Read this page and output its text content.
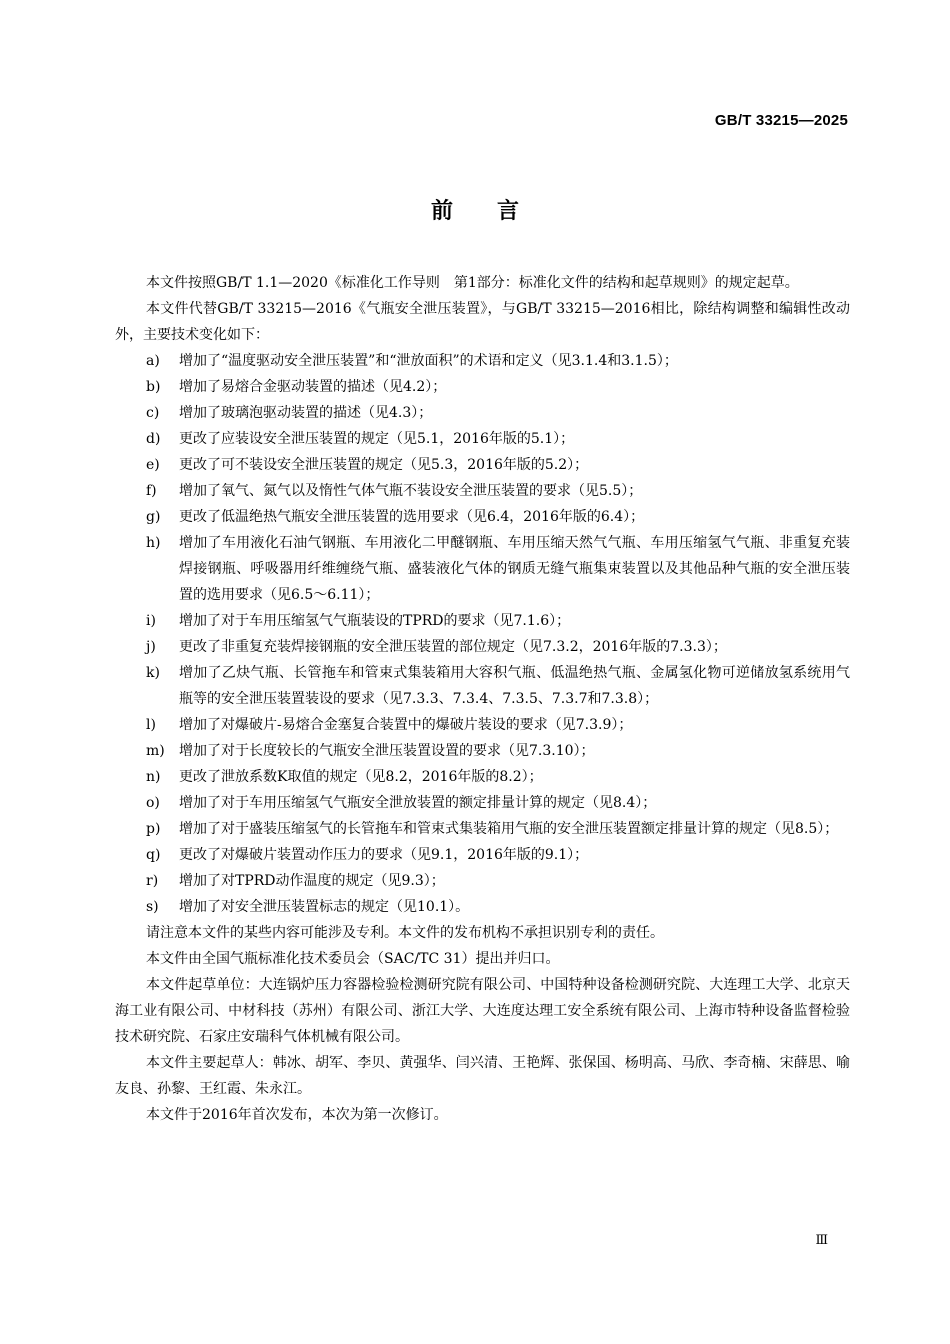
GB/T 33215—2025
前言

本文件按照GB/T 1.1—2020《标准化工作导则　第1部分：标准化文件的结构和起草规则》的规定起草。

本文件代替GB/T 33215—2016《气瓶安全泄压装置》，与GB/T 33215—2016相比，除结构调整和编辑性改动外，主要技术变化如下：

a) 增加了“温度驱动安全泄压装置”和“泄放面积”的术语和定义（见3.1.4和3.1.5）；

b) 增加了易熔合金驱动装置的描述（见4.2）；

c) 增加了玻璃泡驱动装置的描述（见4.3）；

d) 更改了应装设安全泄压装置的规定（见5.1，2016年版的5.1）；

e) 更改了可不装设安全泄压装置的规定（见5.3，2016年版的5.2）；

f) 增加了氧气、氮气以及惰性气体气瓶不装设安全泄压装置的要求（见5.5）；

g) 更改了低温绝热气瓶安全泄压装置的选用要求（见6.4，2016年版的6.4）；

h) 增加了车用液化石油气钢瓶、车用液化二甲醚钢瓶、车用压缩天然气气瓶、车用压缩氢气气瓶、非重复充装焊接钢瓶、呼吸器用纤维缠绕气瓶、盛装液化气体的钢质无缝气瓶集束装置以及其他品种气瓶的安全泄压装置的选用要求（见6.5～6.11）；

i) 增加了对于车用压缩氢气气瓶装设的TPRD的要求（见7.1.6）；

j) 更改了非重复充装焊接钢瓶的安全泄压装置的部位规定（见7.3.2，2016年版的7.3.3）；

k) 增加了乙炔气瓶、长管拖车和管束式集装箱用大容积气瓶、低温绝热气瓶、金属氢化物可逆储放氢系统用气瓶等的安全泄压装置装设的要求（见7.3.3、7.3.4、7.3.5、7.3.7和7.3.8）；

l) 增加了对爆破片-易熔合金塞复合装置中的爆破片装设的要求（见7.3.9）；

m) 增加了对于长度较长的气瓶安全泄压装置设置的要求（见7.3.10）；

n) 更改了泄放系数K取值的规定（见8.2，2016年版的8.2）；

o) 增加了对于车用压缩氢气气瓶安全泄放装置的额定排量计算的规定（见8.4）；

p) 增加了对于盛装压缩氢气的长管拖车和管束式集装箱用气瓶的安全泄压装置额定排量计算的规定（见8.5）；

q) 更改了对爆破片装置动作压力的要求（见9.1，2016年版的9.1）；

r) 增加了对TPRD动作温度的规定（见9.3）；

s) 增加了对安全泄压装置标志的规定（见10.1）。

请注意本文件的某些内容可能涉及专利。本文件的发布机构不承担识别专利的责任。

本文件由全国气瓶标准化技术委员会（SAC/TC 31）提出并归口。

本文件起草单位：大连锅炉压力容器检验检测研究院有限公司、中国特种设备检测研究院、大连理工大学、北京天海工业有限公司、中材科技（苏州）有限公司、浙江大学、大连度达理工安全系统有限公司、上海市特种设备监督检验技术研究院、石家庄安瑞科气体机械有限公司。

本文件主要起草人：韩冰、胡军、李贝、黄强华、闫兴清、王艳辉、张保国、杨明高、马欣、李奇楠、宋薛思、喻友良、孙黎、王红霞、朱永江。

本文件于2016年首次发布，本次为第一次修订。

Ⅲ
